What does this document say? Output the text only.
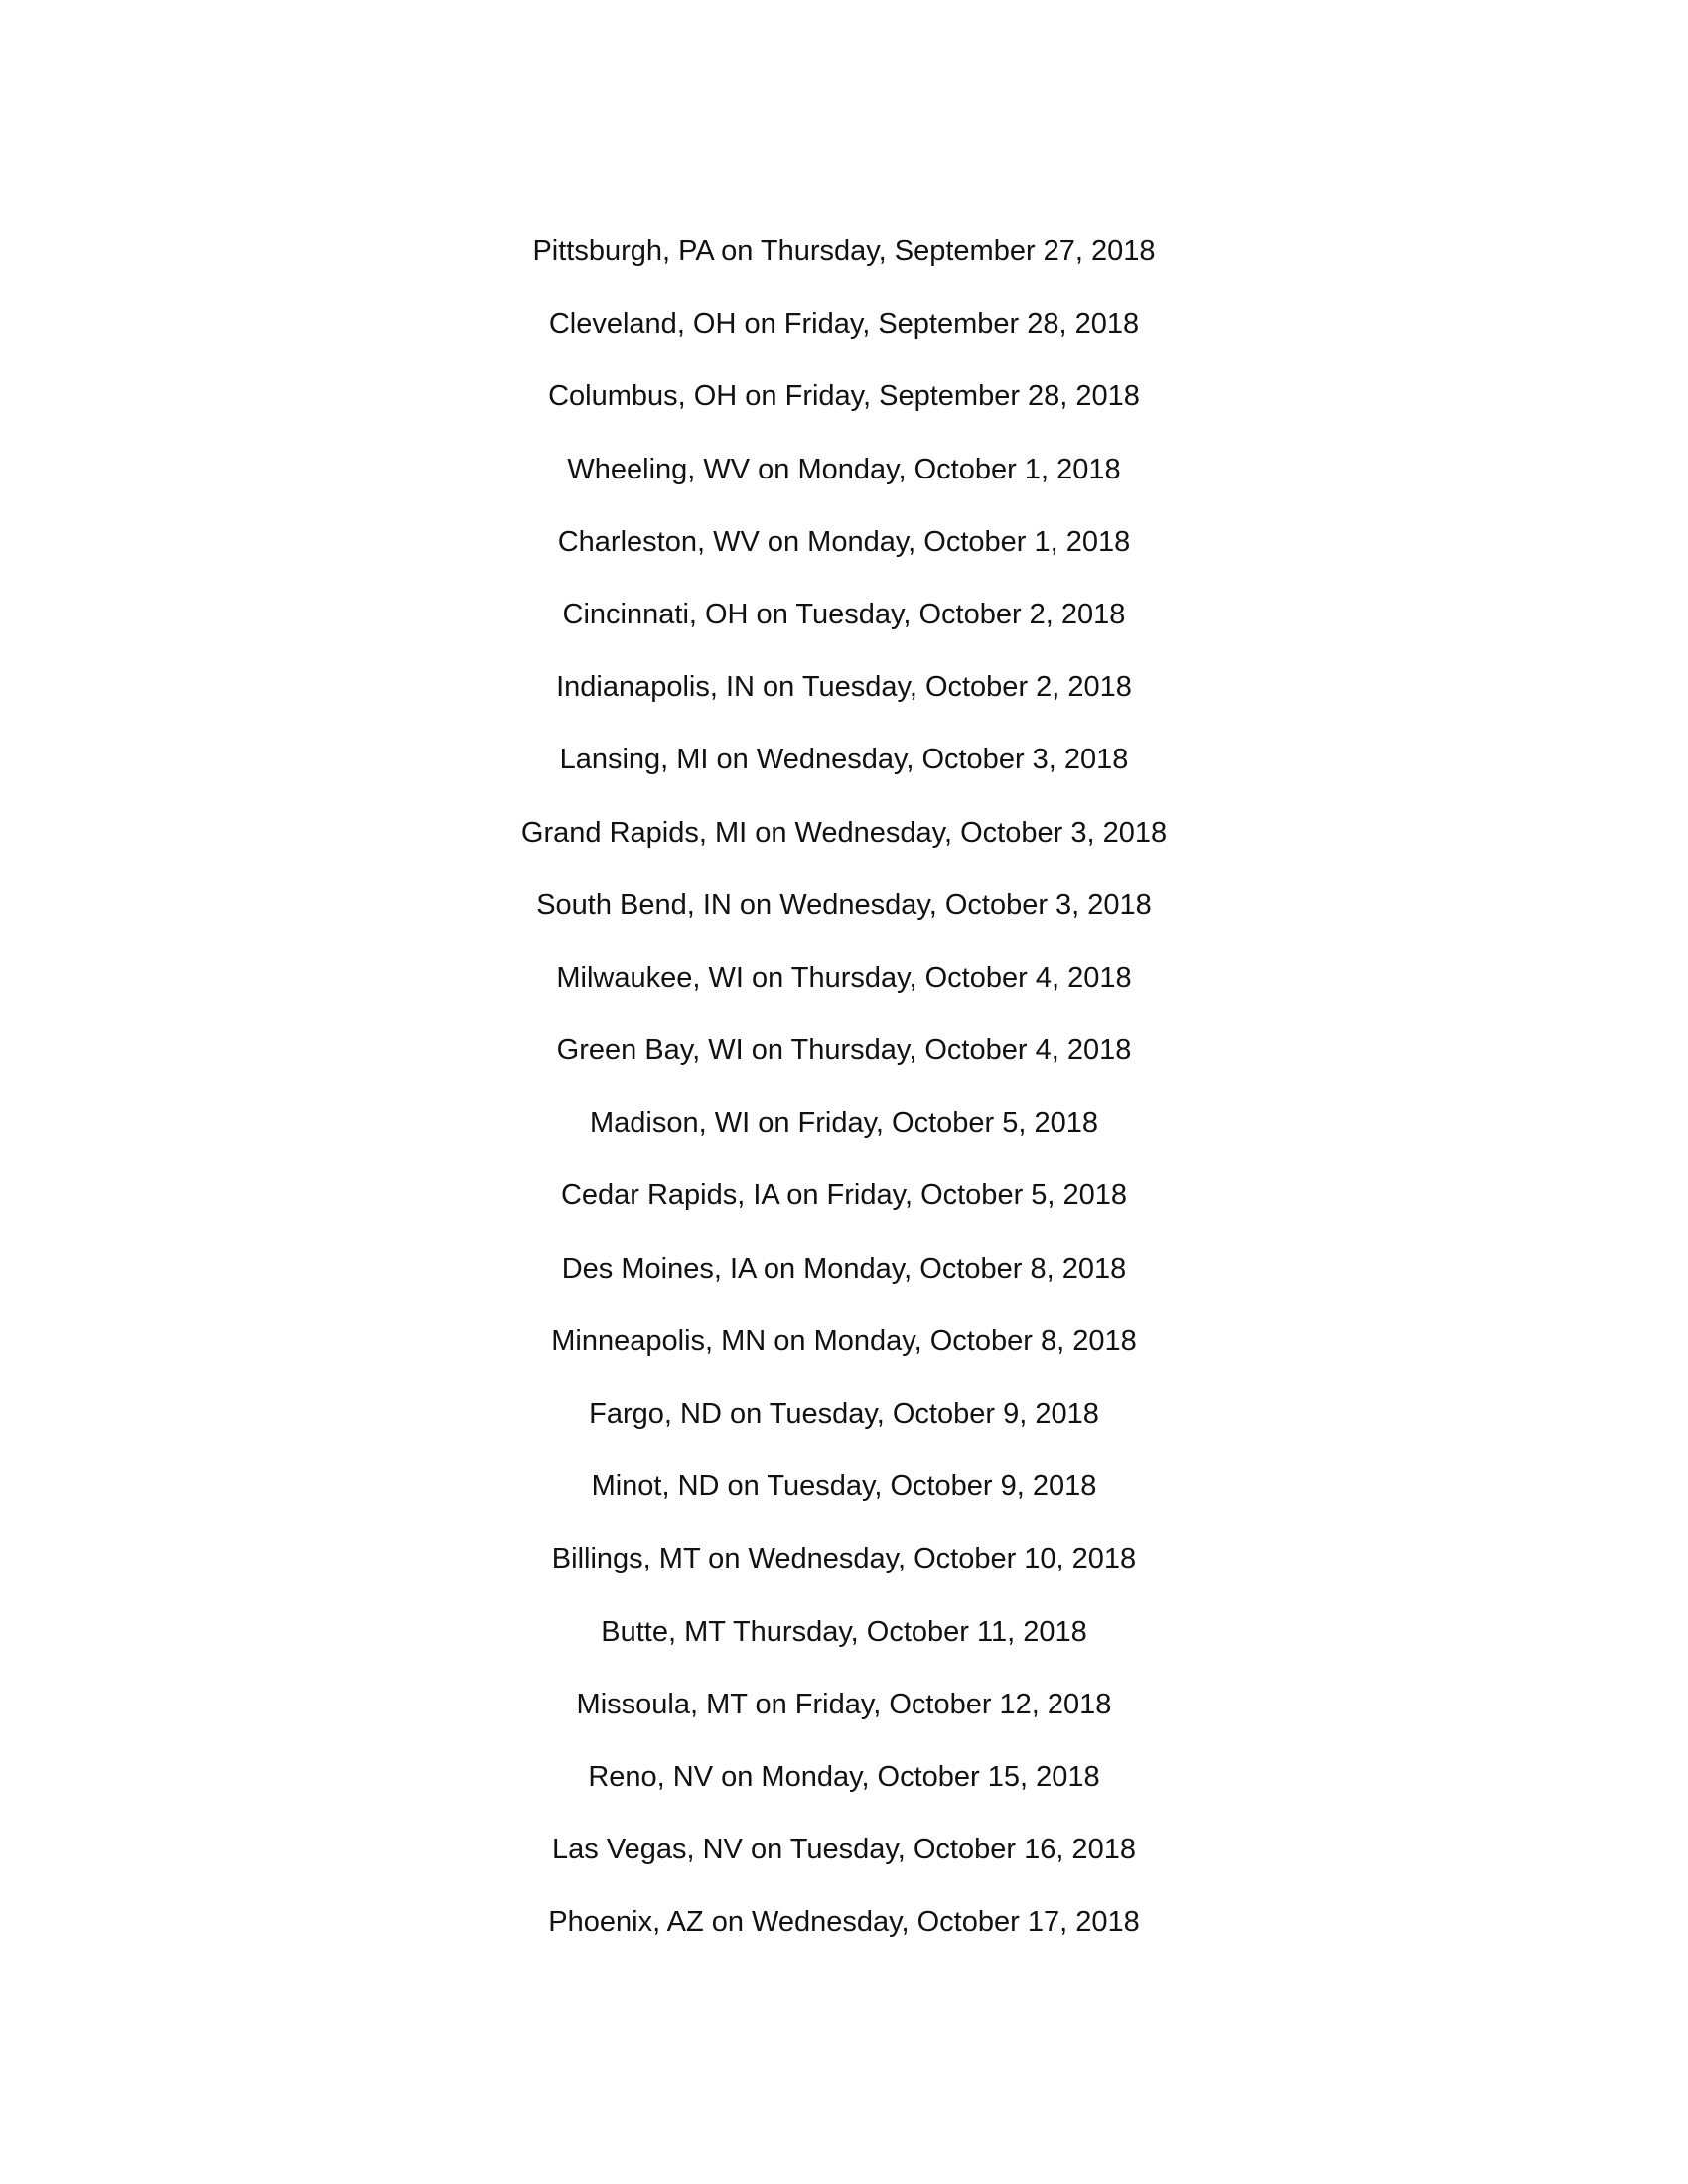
Pittsburgh, PA on Thursday, September 27, 2018
Cleveland, OH on Friday, September 28, 2018
Columbus, OH on Friday, September 28, 2018
Wheeling, WV on Monday, October 1, 2018
Charleston, WV on Monday, October 1, 2018
Cincinnati, OH on Tuesday, October 2, 2018
Indianapolis, IN on Tuesday, October 2, 2018
Lansing, MI on Wednesday, October 3, 2018
Grand Rapids, MI on Wednesday, October 3, 2018
South Bend, IN on Wednesday, October 3, 2018
Milwaukee, WI on Thursday, October 4, 2018
Green Bay, WI on Thursday, October 4, 2018
Madison, WI on Friday, October 5, 2018
Cedar Rapids, IA on Friday, October 5, 2018
Des Moines, IA on Monday, October 8, 2018
Minneapolis, MN on Monday, October 8, 2018
Fargo, ND on Tuesday, October 9, 2018
Minot, ND on Tuesday, October 9, 2018
Billings, MT on Wednesday, October 10, 2018
Butte, MT Thursday, October 11, 2018
Missoula, MT on Friday, October 12, 2018
Reno, NV on Monday, October 15, 2018
Las Vegas, NV on Tuesday, October 16, 2018
Phoenix, AZ on Wednesday, October 17, 2018
